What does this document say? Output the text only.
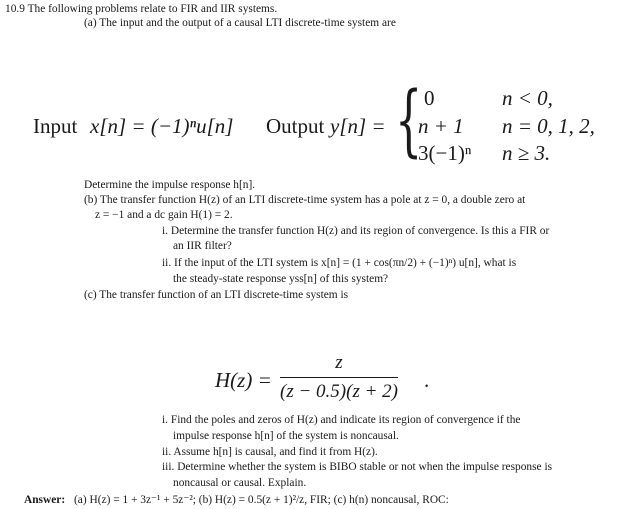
10.9 The following problems relate to FIR and IIR systems.
(a) The input and the output of a causal LTI discrete-time system are
Input x[n] = (−1)ⁿu[n] Output y[n] = { 0	n < 0,
n + 1 n = 0, 1, 2,
3(−1)ⁿ n ≥ 3.
Determine the impulse response h[n].
(b) The transfer function H(z) of an LTI discrete-time system has a pole at z = 0, a double zero at
z = −1 and a dc gain H(1) = 2.
i. Determine the transfer function H(z) and its region of convergence. Is this a FIR or
an IIR filter?
ii. If the input of the LTI system is x[n] = (1 + cos(πn/2) + (−1)ⁿ) u[n], what is
the steady-state response yss[n] of this system?
(c) The transfer function of an LTI discrete-time system is
$H(z) = \frac{z}{(z - 0.5)(z + 2)}$ .
i. Find the poles and zeros of H(z) and indicate its region of convergence if the
impulse response h[n] of the system is noncausal.
ii. Assume h[n] is causal, and find it from H(z).
iii. Determine whether the system is BIBO stable or not when the impulse response is
noncausal or causal. Explain.
Answer: (a) H(z) = 1 + 3z⁻¹ + 5z⁻²; (b) H(z) = 0.5(z + 1)²/z, FIR; (c) h(n) noncausal, ROC:
